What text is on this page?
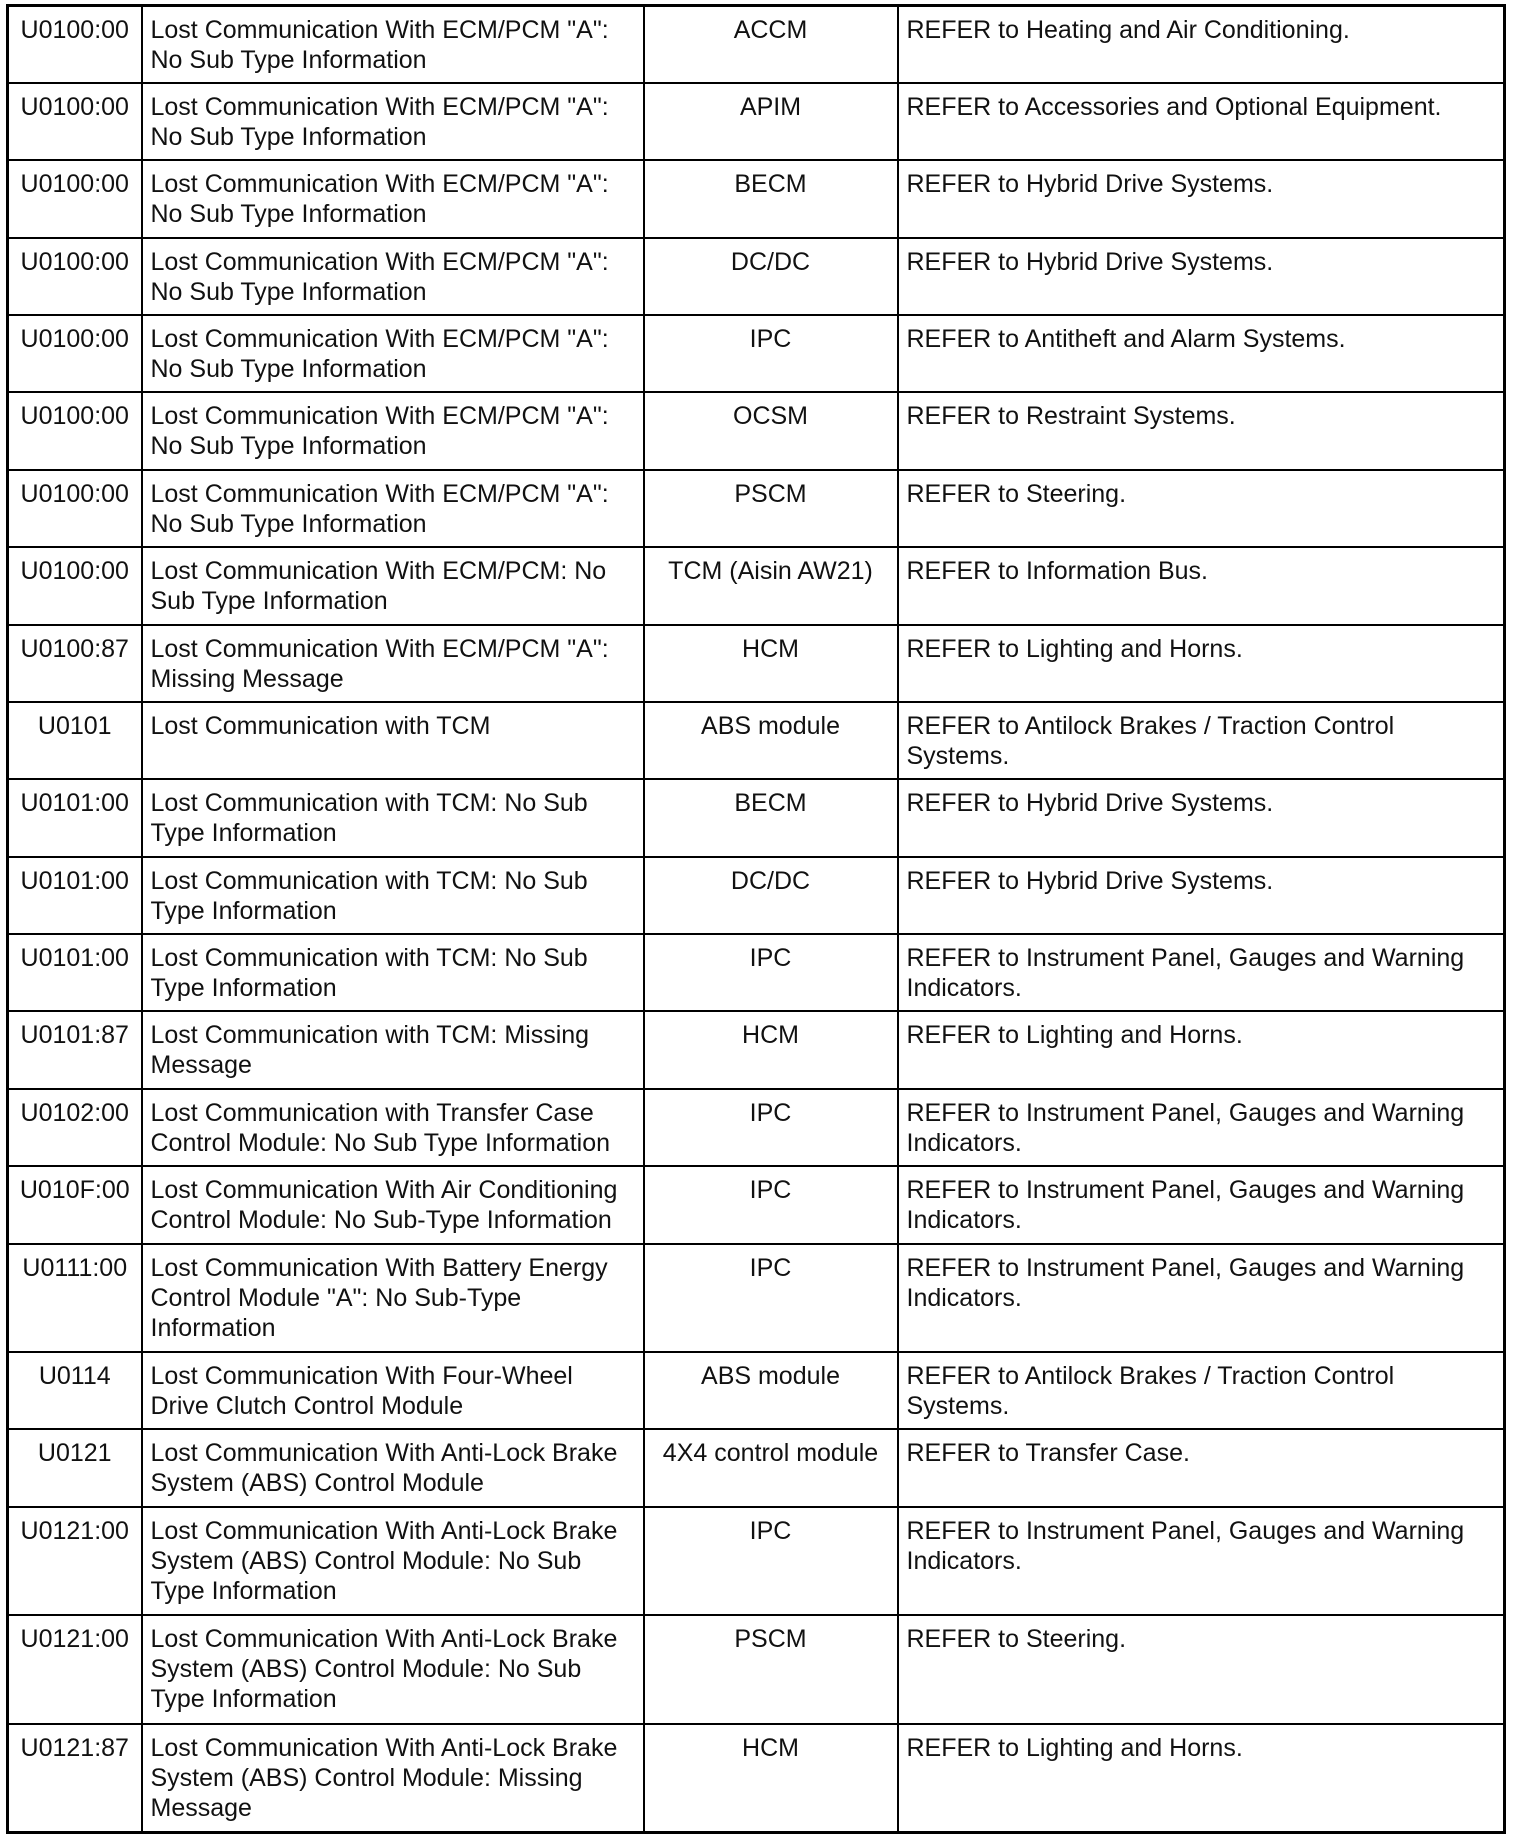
U0100:00	Lost Communication With ECM/PCM "A": No Sub Type Information	ACCM	REFER to Heating and Air Conditioning.
U0100:00	Lost Communication With ECM/PCM "A": No Sub Type Information	APIM	REFER to Accessories and Optional Equipment.
U0100:00	Lost Communication With ECM/PCM "A": No Sub Type Information	BECM	REFER to Hybrid Drive Systems.
U0100:00	Lost Communication With ECM/PCM "A": No Sub Type Information	DC/DC	REFER to Hybrid Drive Systems.
U0100:00	Lost Communication With ECM/PCM "A": No Sub Type Information	IPC	REFER to Antitheft and Alarm Systems.
U0100:00	Lost Communication With ECM/PCM "A": No Sub Type Information	OCSM	REFER to Restraint Systems.
U0100:00	Lost Communication With ECM/PCM "A": No Sub Type Information	PSCM	REFER to Steering.
U0100:00	Lost Communication With ECM/PCM: No Sub Type Information	TCM (Aisin AW21)	REFER to Information Bus.
U0100:87	Lost Communication With ECM/PCM "A": Missing Message	HCM	REFER to Lighting and Horns.
U0101	Lost Communication with TCM	ABS module	REFER to Antilock Brakes / Traction Control Systems.
U0101:00	Lost Communication with TCM: No Sub Type Information	BECM	REFER to Hybrid Drive Systems.
U0101:00	Lost Communication with TCM: No Sub Type Information	DC/DC	REFER to Hybrid Drive Systems.
U0101:00	Lost Communication with TCM: No Sub Type Information	IPC	REFER to Instrument Panel, Gauges and Warning Indicators.
U0101:87	Lost Communication with TCM: Missing Message	HCM	REFER to Lighting and Horns.
U0102:00	Lost Communication with Transfer Case Control Module: No Sub Type Information	IPC	REFER to Instrument Panel, Gauges and Warning Indicators.
U010F:00	Lost Communication With Air Conditioning Control Module: No Sub-Type Information	IPC	REFER to Instrument Panel, Gauges and Warning Indicators.
U0111:00	Lost Communication With Battery Energy Control Module "A": No Sub-Type Information	IPC	REFER to Instrument Panel, Gauges and Warning Indicators.
U0114	Lost Communication With Four-Wheel Drive Clutch Control Module	ABS module	REFER to Antilock Brakes / Traction Control Systems.
U0121	Lost Communication With Anti-Lock Brake System (ABS) Control Module	4X4 control module	REFER to Transfer Case.
U0121:00	Lost Communication With Anti-Lock Brake System (ABS) Control Module: No Sub Type Information	IPC	REFER to Instrument Panel, Gauges and Warning Indicators.
U0121:00	Lost Communication With Anti-Lock Brake System (ABS) Control Module: No Sub Type Information	PSCM	REFER to Steering.
U0121:87	Lost Communication With Anti-Lock Brake System (ABS) Control Module: Missing Message	HCM	REFER to Lighting and Horns.
